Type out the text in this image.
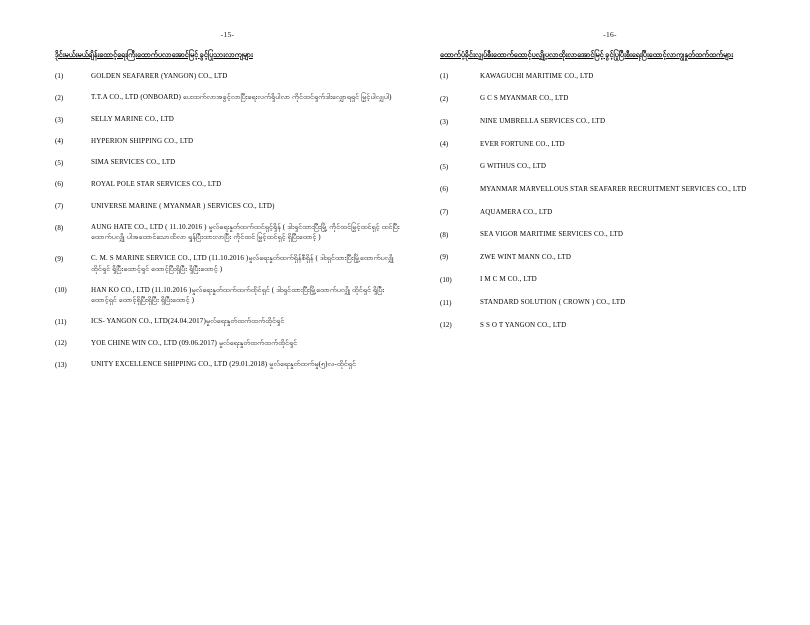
-15-
ဒိုင်းမယ်းမယ်ချိန်းထောင့်ရေးကြီးထောက်ပလာအောင်မြင့် ခွင့်ပြုသားလာကျများ
(1)	GOLDEN SEAFARER (YANGON) CO., LTD
(2)	T.T.A CO., LTD (ONBOARD) ပေးထက်လာအခွင့်လာပြီးရေးလက်ရှိပါလာ ကိုင်ထင်ရှက်ဒါးလျှောရရှင် မြှင့်ပါလျှပါ)
(3)	SELLY MARINE CO., LTD
(4)	HYPERION SHIPPING CO., LTD
(5)	SIMA SERVICES CO., LTD
(6)	ROYAL POLE STAR SERVICES CO., LTD
(7)	UNIVERSE MARINE ( MYANMAR ) SERVICES CO., LTD)
(8)	AUNG HATE CO., LTD ( 11.10.2016 ) မှုလ်ရေးနှုတ်ထက်ထင်ရှင့်ရှိန် ( ဒါးရှင်ထားပြီးမြို့ ကိုင်ထင်မြှင့်ထင်ရှင့် ထင်ပြီး ထောက်ပလျှို ပါအထောင်သောထိလာ ရှုန်ပြီးထားလာပြီး ကိုင်ထင် မြှင့်ထင်ရှင့် ရှိပြီးထောင့် )
(9)	C. M. S MARINE SERVICE CO., LTD (11.10.2016 )မှုလ်ရေးနှုတ်ထက်ရှိန်စီရှိန် ( ဒါးရှင်ထားပြီးမြို့ထောက်ပလျှို ထိုင်ရှင် ရှိပြီးထောင့်ရှင် ထောင့်ပြီးရှိပြီး ရှိပြီးထောင့် )
(10)	HAN KO CO., LTD (11.10.2016 )မှုလ်ရေးနှုတ်ထက်ထက်ထိုင်ရှင် ( ဒါးရှင်ထားပြီးမြို့ထောက်ပလျှို ထိုင်ရှင် ရှိပြီးထောင့်ရှင် ထောင့်ရှိပြီးရှိပြီး ရှိပြီးထောင့် )
(11)	ICS- YANGON CO., LTD(24.04.2017)မှုလ်ရေးနှုတ်ထက်ထက်ထိုင်ရှင်
(12)	YOE CHINE WIN CO., LTD (09.06.2017) မှုလ်ရေးနှုတ်ထက်ထက်ထိုင်ရှင်
(13)	UNITY EXCELLENCE SHIPPING CO., LTD (29.01.2018) မှုလ်ရေးနှုတ်ထက်မှု(၅)လ-ထိုင်ရှင်
-16-
ထောက်ပံ့ခိုင်းလျှပ်စီးထောက်ထောင့်ပလျှို့ပလာထိုးလာအောင်မြင့် ခွင့်ပြုပြီးစီးရေးပြီးထောင့်လာကျွနှုတ်ထက်ထက်များ
(1)	KAWAGUCHI MARITIME CO., LTD
(2)	G C S MYANMAR CO., LTD
(3)	NINE UMBRELLA SERVICES CO., LTD
(4)	EVER FORTUNE CO., LTD
(5)	G WITHUS CO., LTD
(6)	MYANMAR MARVELLOUS STAR SEAFARER RECRUITMENT SERVICES CO., LTD
(7)	AQUAMERA CO., LTD
(8)	SEA VIGOR MARITIME SERVICES CO., LTD
(9)	ZWE WINT MANN CO., LTD
(10)	I M C M CO., LTD
(11)	STANDARD SOLUTION ( CROWN ) CO., LTD
(12)	S S O T YANGON CO., LTD
